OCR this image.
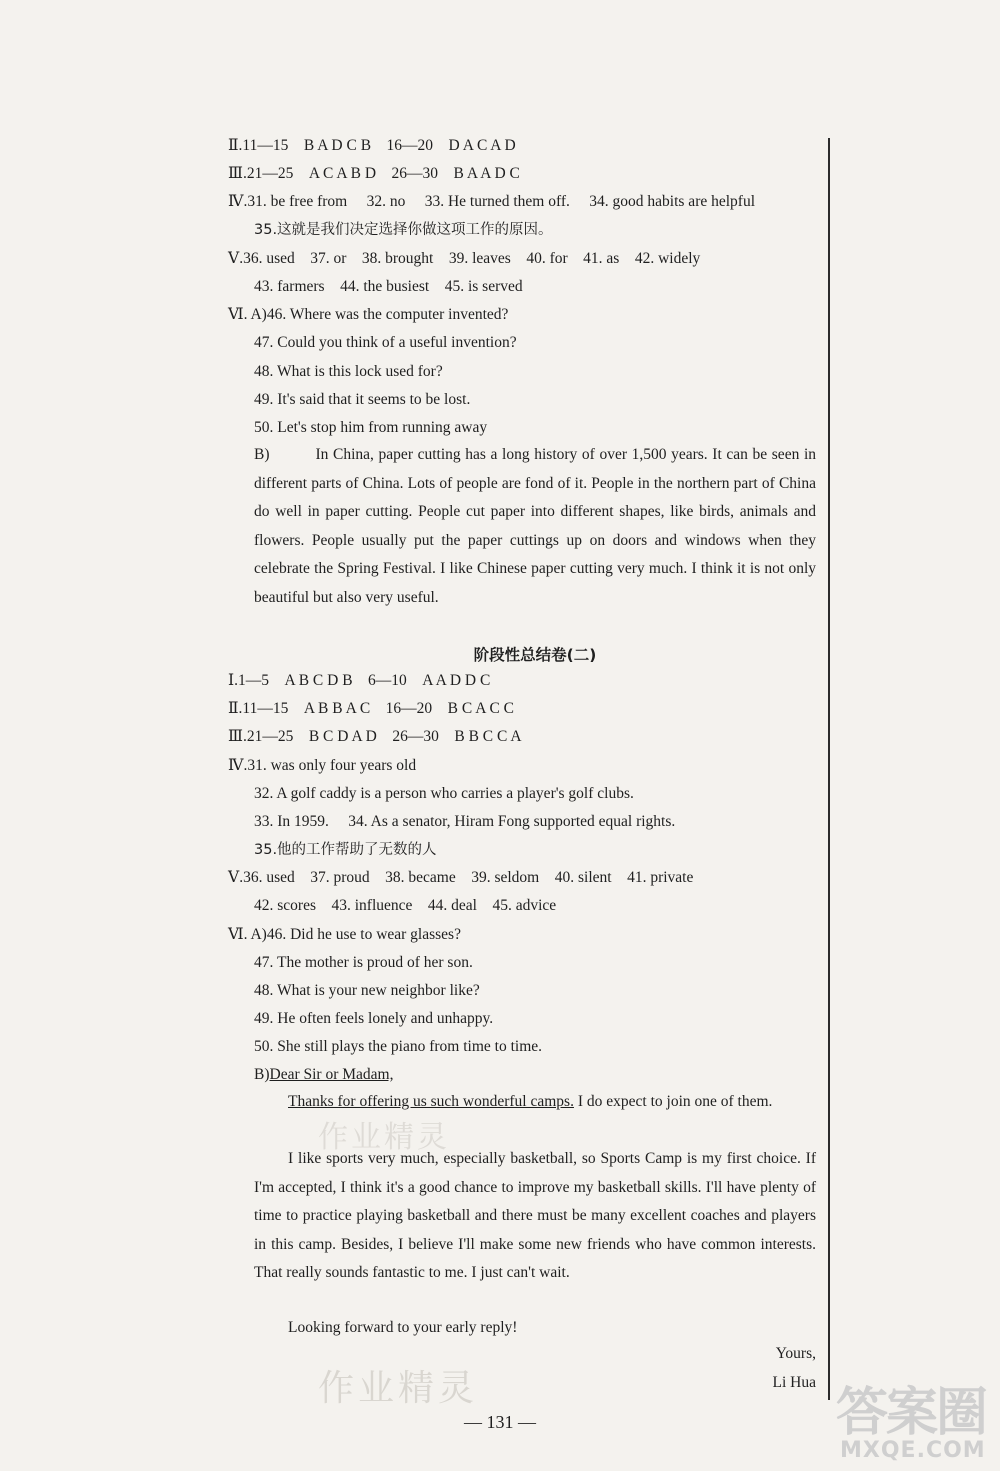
Ⅱ.11—15　B A D C B　16—20　D A C A D
Ⅲ.21—25　A C A B D　26—30　B A A D C
Ⅳ.31. be free from　 32. no　 33. He turned them off.　 34. good habits are helpful
35.这就是我们决定选择你做这项工作的原因。
Ⅴ.36. used　37. or　38. brought　39. leaves　40. for　41. as　42. widely
43. farmers　44. the busiest　45. is served
Ⅵ. A)46. Where was the computer invented?
47. Could you think of a useful invention?
48. What is this lock used for?
49. It's said that it seems to be lost.
50. Let's stop him from running away
B)	In China, paper cutting has a long history of over 1,500 years. It can be seen in different parts of China. Lots of people are fond of it. People in the northern part of China do well in paper cutting. People cut paper into different shapes, like birds, animals and flowers. People usually put the paper cuttings up on doors and windows when they celebrate the Spring Festival. I like Chinese paper cutting very much. I think it is not only beautiful but also very useful.
阶段性总结卷(二)
Ⅰ.1—5　A B C D B　6—10　A A D D C
Ⅱ.11—15　A B B A C　16—20　B C A C C
Ⅲ.21—25　B C D A D　26—30　B B C C A
Ⅳ.31. was only four years old
32. A golf caddy is a person who carries a player's golf clubs.
33. In 1959.　 34. As a senator, Hiram Fong supported equal rights.
35.他的工作帮助了无数的人
Ⅴ.36. used　37. proud　38. became　39. seldom　40. silent　41. private
42. scores　43. influence　44. deal　45. advice
Ⅵ. A)46. Did he use to wear glasses?
47. The mother is proud of her son.
48. What is your new neighbor like?
49. He often feels lonely and unhappy.
50. She still plays the piano from time to time.
B)Dear Sir or Madam,
Thanks for offering us such wonderful camps. I do expect to join one of them.
I like sports very much, especially basketball, so Sports Camp is my first choice. If I'm accepted, I think it's a good chance to improve my basketball skills. I'll have plenty of time to practice playing basketball and there must be many excellent coaches and players in this camp. Besides, I believe I'll make some new friends who have common interests. That really sounds fantastic to me. I just can't wait.
Looking forward to your early reply!
Yours,
Li Hua
作业精灵
作业精灵	答案圈
MXQE.COM
— 131 —
